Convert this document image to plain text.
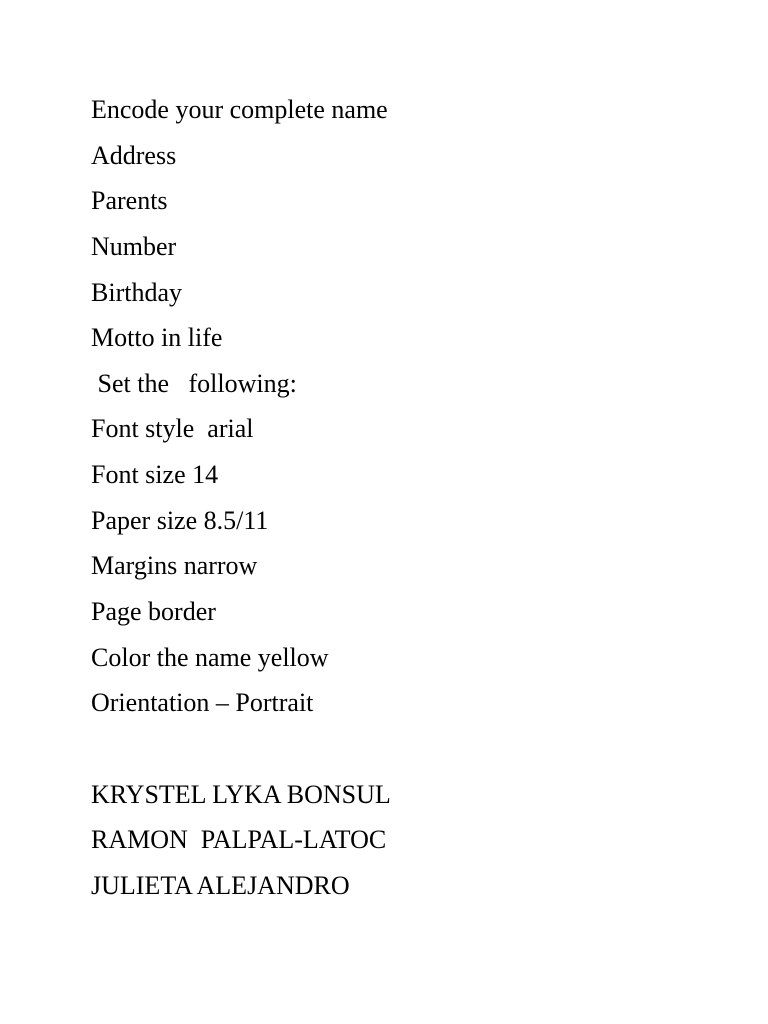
Encode your complete name

Address

Parents

Number

Birthday

Motto in life

Set the   following:

Font style  arial

Font size 14

Paper size 8.5/11

Margins narrow

Page border

Color the name yellow

Orientation – Portrait

KRYSTEL LYKA BONSUL

RAMON  PALPAL-LATOC

JULIETA ALEJANDRO
